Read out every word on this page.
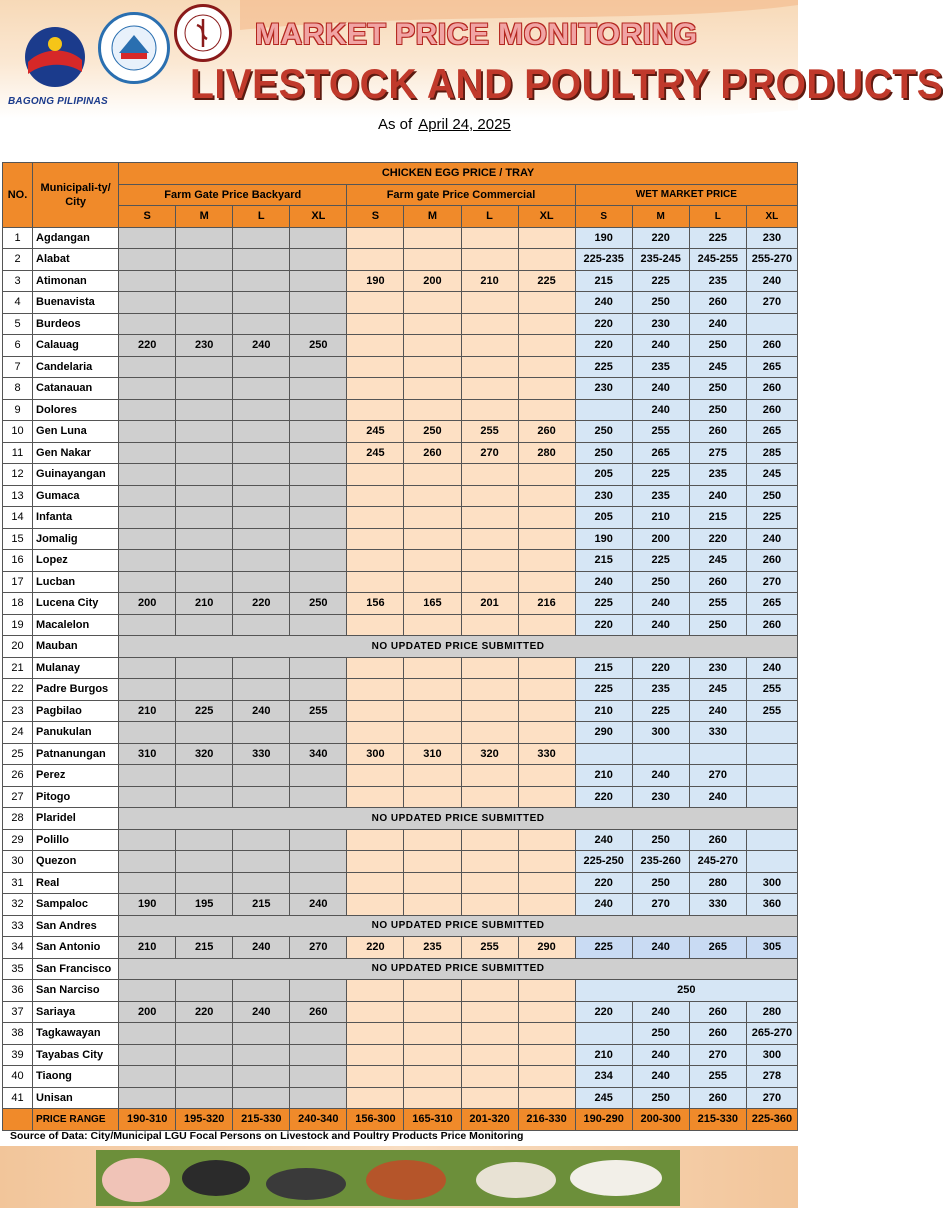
BAGONG PILIPINAS
MARKET PRICE MONITORING
LIVESTOCK AND POULTRY PRODUCTS
As of April 24, 2025
NO.	Municipali-ty/ City	CHICKEN EGG PRICE / TRAY											
		Farm Gate Price Backyard				Farm gate Price Commercial				WET MARKET PRICE			
		S	M	L	XL	S	M	L	XL	S	M	L	XL
1	Agdangan									190	220	225	230
2	Alabat									225-235	235-245	245-255	255-270
3	Atimonan					190	200	210	225	215	225	235	240
4	Buenavista									240	250	260	270
5	Burdeos									220	230	240	
6	Calauag	220	230	240	250					220	240	250	260
7	Candelaria									225	235	245	265
8	Catanauan									230	240	250	260
9	Dolores										240	250	260
10	Gen Luna					245	250	255	260	250	255	260	265
11	Gen Nakar					245	260	270	280	250	265	275	285
12	Guinayangan									205	225	235	245
13	Gumaca									230	235	240	250
14	Infanta									205	210	215	225
15	Jomalig									190	200	220	240
16	Lopez									215	225	245	260
17	Lucban									240	250	260	270
18	Lucena City	200	210	220	250	156	165	201	216	225	240	255	265
19	Macalelon									220	240	250	260
20	Mauban	NO UPDATED PRICE SUBMITTED											
21	Mulanay									215	220	230	240
22	Padre Burgos									225	235	245	255
23	Pagbilao	210	225	240	255					210	225	240	255
24	Panukulan									290	300	330	
25	Patnanungan	310	320	330	340	300	310	320	330				
26	Perez									210	240	270	
27	Pitogo									220	230	240	
28	Plaridel	NO UPDATED PRICE SUBMITTED											
29	Polillo									240	250	260	
30	Quezon									225-250	235-260	245-270	
31	Real									220	250	280	300
32	Sampaloc	190	195	215	240					240	270	330	360
33	San Andres	NO UPDATED PRICE SUBMITTED											
34	San Antonio	210	215	240	270	220	235	255	290	225	240	265	305
35	San Francisco	NO UPDATED PRICE SUBMITTED											
36	San Narciso									250			
37	Sariaya	200	220	240	260					220	240	260	280
38	Tagkawayan										250	260	265-270
39	Tayabas City									210	240	270	300
40	Tiaong									234	240	255	278
41	Unisan									245	250	260	270
	PRICE RANGE	190-310	195-320	215-330	240-340	156-300	165-310	201-320	216-330	190-290	200-300	215-330	225-360
Source of Data: City/Municipal LGU Focal Persons on Livestock and Poultry Products Price Monitoring
